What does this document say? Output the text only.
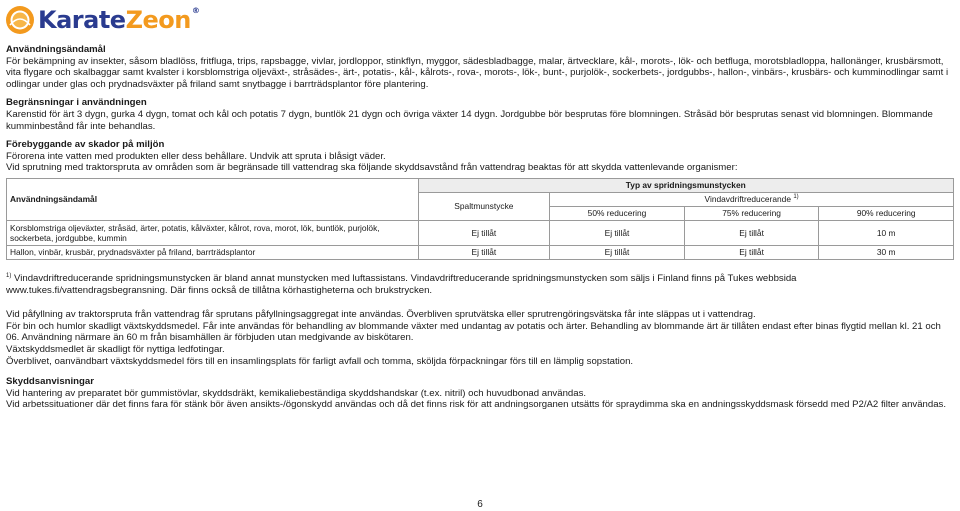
KarateZeon®

Användningsändamål

För bekämpning av insekter, såsom bladlöss, fritfluga, trips, rapsbagge, vivlar, jordloppor, stinkflyn, myggor, sädesbladbagge, malar, ärtvecklare, kål-, morots-, lök- och betfluga, morotsbladloppa, hallonänger, krusbärsmott, vita flygare och skalbaggar samt kvalster i korsblomstriga oljeväxt-, stråsädes-, ärt-, potatis-, kål-, kålrots-, rova-, morots-, lök-, bunt-, purjolök-, sockerbets-, jordgubbs-, hallon-, vinbärs-, krusbärs- och kumminodlingar samt i odlingar under glas och prydnadsväxter på friland samt snytbagge i barrträdsplantor före plantering.

Begränsningar i användningen

Karenstid för ärt 3 dygn, gurka 4 dygn, tomat och kål och potatis 7 dygn, buntlök 21 dygn och övriga växter 14 dygn. Jordgubbe bör besprutas före blomningen. Stråsäd bör besprutas senast vid blomningen. Blommande kumminbestånd får inte behandlas.

Förebyggande av skador på miljön

Förorena inte vatten med produkten eller dess behållare. Undvik att spruta i blåsigt väder.

Vid sprutning med traktorspruta av områden som är begränsade till vattendrag ska följande skyddsavstånd från vattendrag beaktas för att skydda vattenlevande organismer:

Användningsändamål	Typ av spridningsmunstycken			
	Spaltmunstycke	Vindavdriftreducerande $^{1)}$
		50% reducering	75% reducering	90% reducering
Korsblomstriga oljeväxter, stråsäd, ärter, potatis, kålväxter, kålrot, rova, morot, lök, buntlök, purjolök, sockerbeta, jordgubbe, kummin	Ej tillåt	Ej tillåt	Ej tillåt	10 m
Hallon, vinbär, krusbär, prydnadsväxter på friland, barrträdsplantor	Ej tillåt	Ej tillåt	Ej tillåt	30 m

$^{1)}$ Vindavdriftreducerande spridningsmunstycken är bland annat munstycken med luftassistans. Vindavdriftreducerande spridningsmunstycken som säljs i Finland finns på Tukes webbsida www.tukes.fi/vattendragsbegransning. Där finns också de tillåtna körhastigheterna och brukstrycken.

Vid påfyllning av traktorspruta från vattendrag får sprutans påfyllningsaggregat inte användas. Överbliven sprutvätska eller sprutrengöringsvätska får inte släppas ut i vattendrag.

För bin och humlor skadligt växtskyddsmedel. Får inte användas för behandling av blommande växter med undantag av potatis och ärter. Behandling av blommande ärt är tillåten endast efter binas flygtid mellan kl. 21 och 06. Användning närmare än 60 m från bisamhällen är förbjuden utan medgivande av biskötaren.

Växtskyddsmedlet är skadligt för nyttiga ledfotingar.

Överblivet, oanvändbart växtskyddsmedel förs till en insamlingsplats för farligt avfall och tomma, sköljda förpackningar förs till en lämplig sopstation.

Skyddsanvisningar

Vid hantering av preparatet bör gummistövlar, skyddsdräkt, kemikaliebeständiga skyddshandskar (t.ex. nitril) och huvudbonad användas.

Vid arbetssituationer där det finns fara för stänk bör även ansikts-/ögonskydd användas och då det finns risk för att andningsorganen utsätts för spraydimma ska en andningsskyddsmask försedd med P2/A2 filter användas.

6
